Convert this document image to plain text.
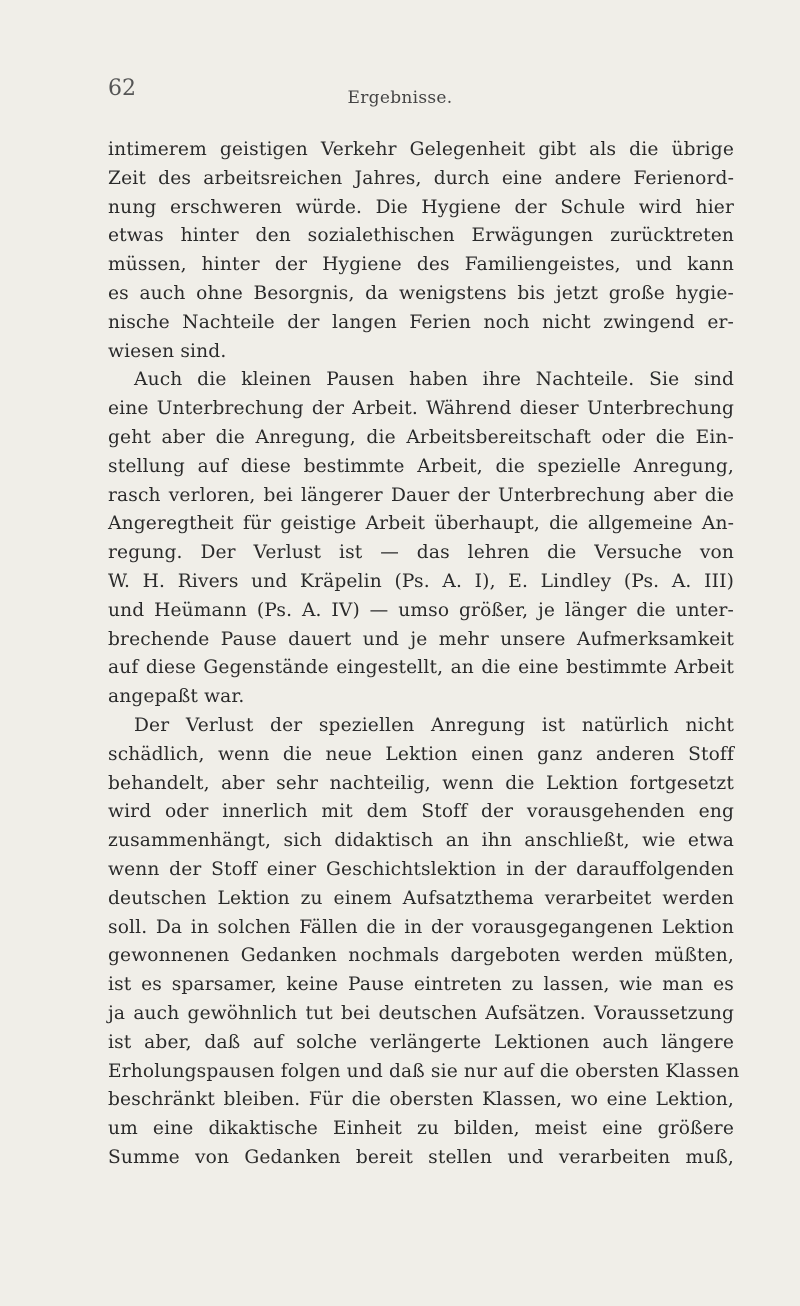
62	Ergebnisse.
intimerem geistigen Verkehr Gelegenheit gibt als die übrige
Zeit des arbeitsreichen Jahres, durch eine andere Ferienord-
nung erschweren würde. Die Hygiene der Schule wird hier
etwas hinter den sozialethischen Erwägungen zurücktreten
müssen, hinter der Hygiene des Familiengeistes, und kann
es auch ohne Besorgnis, da wenigstens bis jetzt große hygie-
nische Nachteile der langen Ferien noch nicht zwingend er-
wiesen sind.
Auch die kleinen Pausen haben ihre Nachteile. Sie sind
eine Unterbrechung der Arbeit. Während dieser Unterbrechung
geht aber die Anregung, die Arbeitsbereitschaft oder die Ein-
stellung auf diese bestimmte Arbeit, die spezielle Anregung,
rasch verloren, bei längerer Dauer der Unterbrechung aber die
Angeregtheit für geistige Arbeit überhaupt, die allgemeine An-
regung. Der Verlust ist — das lehren die Versuche von
W. H. Rivers und Kräpelin (Ps. A. I), E. Lindley (Ps. A. III)
und Heümann (Ps. A. IV) — umso größer, je länger die unter-
brechende Pause dauert und je mehr unsere Aufmerksamkeit
auf diese Gegenstände eingestellt, an die eine bestimmte Arbeit
angepaßt war.
Der Verlust der speziellen Anregung ist natürlich nicht
schädlich, wenn die neue Lektion einen ganz anderen Stoff
behandelt, aber sehr nachteilig, wenn die Lektion fortgesetzt
wird oder innerlich mit dem Stoff der vorausgehenden eng
zusammenhängt, sich didaktisch an ihn anschließt, wie etwa
wenn der Stoff einer Geschichtslektion in der darauffolgenden
deutschen Lektion zu einem Aufsatzthema verarbeitet werden
soll. Da in solchen Fällen die in der vorausgegangenen Lektion
gewonnenen Gedanken nochmals dargeboten werden müßten,
ist es sparsamer, keine Pause eintreten zu lassen, wie man es
ja auch gewöhnlich tut bei deutschen Aufsätzen. Voraussetzung
ist aber, daß auf solche verlängerte Lektionen auch längere
Erholungspausen folgen und daß sie nur auf die obersten Klassen
beschränkt bleiben. Für die obersten Klassen, wo eine Lektion,
um eine dikaktische Einheit zu bilden, meist eine größere
Summe von Gedanken bereit stellen und verarbeiten muß,
